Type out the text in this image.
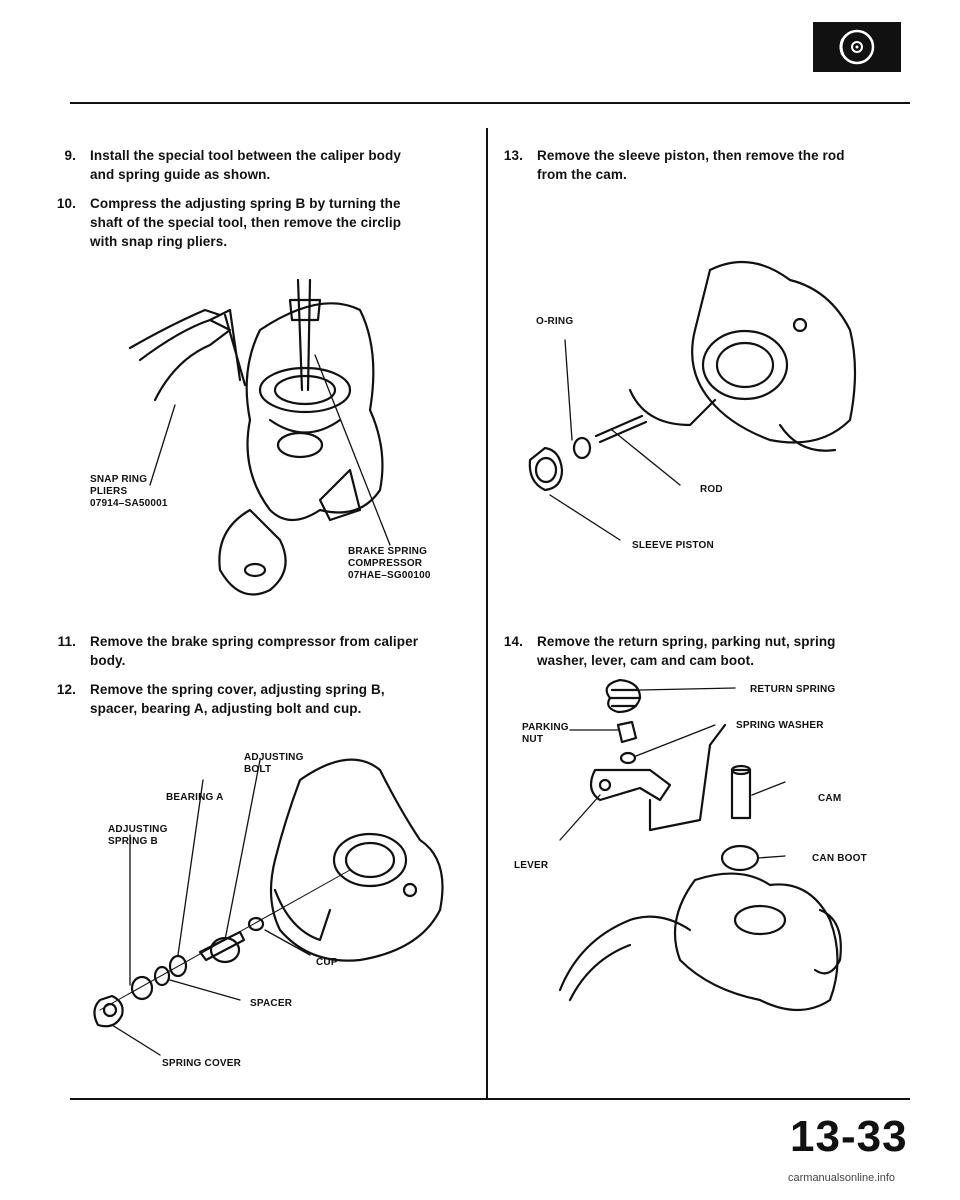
9. Install the special tool between the caliper body
and spring guide as shown.
10. Compress the adjusting spring B by turning the
shaft of the special tool, then remove the circlip
with snap ring pliers.
SNAP RING
PLIERS
07914–SA50001
BRAKE SPRING
COMPRESSOR
07HAE–SG00100
11. Remove the brake spring compressor from caliper
body.
12. Remove the spring cover, adjusting spring B,
spacer, bearing A, adjusting bolt and cup.
ADJUSTING
BOLT
BEARING A
ADJUSTING
SPRING B
CUP
SPACER
SPRING COVER
13. Remove the sleeve piston, then remove the rod
from the cam.
O-RING
ROD
SLEEVE PISTON
14. Remove the return spring, parking nut, spring
washer, lever, cam and cam boot.
RETURN SPRING
PARKING
NUT
SPRING WASHER
CAM
CAN BOOT
LEVER
13-33
carmanualsonline.info
